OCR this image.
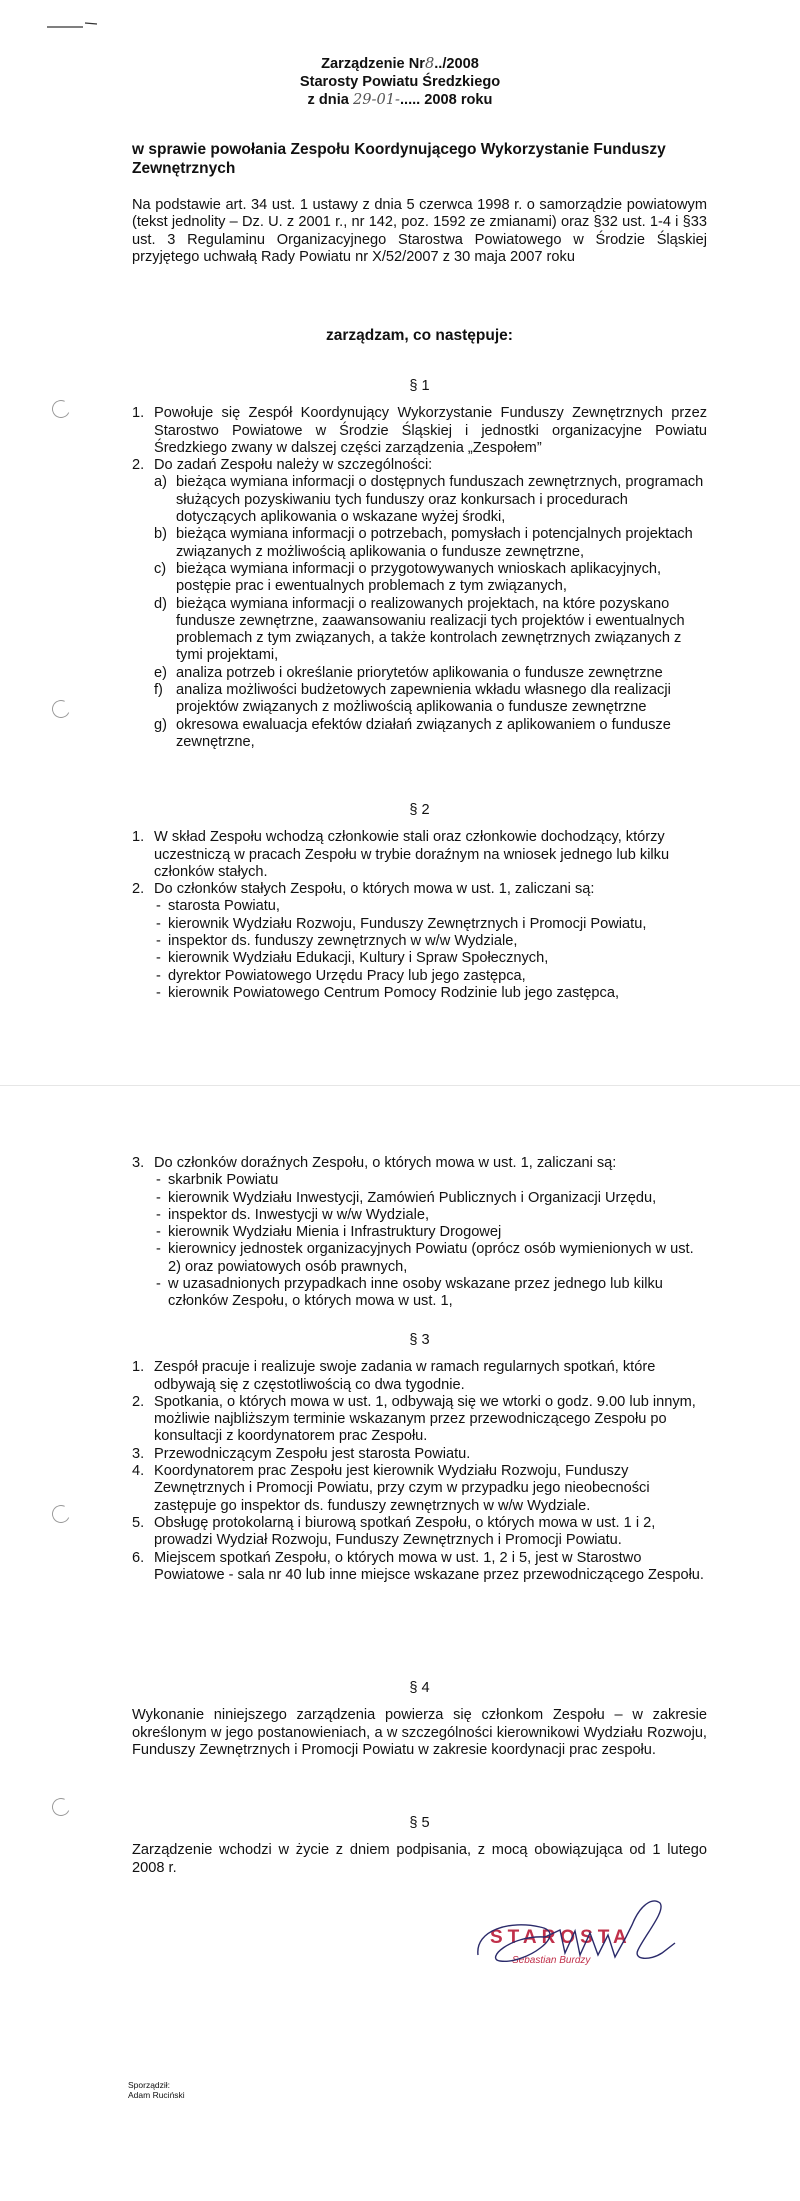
Zarządzenie Nr8../2008
Starosty Powiatu Średzkiego
z dnia 29-01-..... 2008 roku
w sprawie powołania Zespołu Koordynującego Wykorzystanie Funduszy Zewnętrznych
Na podstawie art. 34 ust. 1 ustawy z dnia 5 czerwca 1998 r. o samorządzie powiatowym (tekst jednolity – Dz. U. z 2001 r., nr 142, poz. 1592 ze zmianami) oraz §32 ust. 1-4 i §33 ust. 3 Regulaminu Organizacyjnego Starostwa Powiatowego w Środzie Śląskiej przyjętego uchwałą Rady Powiatu nr X/52/2007 z 30 maja 2007 roku
zarządzam, co następuje:

§ 1

1. Powołuje się Zespół Koordynujący Wykorzystanie Funduszy Zewnętrznych przez Starostwo Powiatowe w Środzie Śląskiej i jednostki organizacyjne Powiatu Średzkiego zwany w dalszej części zarządzenia „Zespołem”
2. Do zadań Zespołu należy w szczególności:
a) bieżąca wymiana informacji o dostępnych funduszach zewnętrznych, programach służących pozyskiwaniu tych funduszy oraz konkursach i procedurach dotyczących aplikowania o wskazane wyżej środki,
b) bieżąca wymiana informacji o potrzebach, pomysłach i potencjalnych projektach związanych z możliwością aplikowania o fundusze zewnętrzne,
c) bieżąca wymiana informacji o przygotowywanych wnioskach aplikacyjnych, postępie prac i ewentualnych problemach z tym związanych,
d) bieżąca wymiana informacji o realizowanych projektach, na które pozyskano fundusze zewnętrzne, zaawansowaniu realizacji tych projektów i ewentualnych problemach z tym związanych, a także kontrolach zewnętrznych związanych z tymi projektami,
e) analiza potrzeb i określanie priorytetów aplikowania o fundusze zewnętrzne
f) analiza możliwości budżetowych zapewnienia wkładu własnego dla realizacji projektów związanych z możliwością aplikowania o fundusze zewnętrzne
g) okresowa ewaluacja efektów działań związanych z aplikowaniem o fundusze zewnętrzne,

§ 2

1. W skład Zespołu wchodzą członkowie stali oraz członkowie dochodzący, którzy uczestniczą w pracach Zespołu w trybie doraźnym na wniosek jednego lub kilku członków stałych.
2. Do członków stałych Zespołu, o których mowa w ust. 1, zaliczani są:
- starosta Powiatu,
- kierownik Wydziału Rozwoju, Funduszy Zewnętrznych i Promocji Powiatu,
- inspektor ds. funduszy zewnętrznych w w/w Wydziale,
- kierownik Wydziału Edukacji, Kultury i Spraw Społecznych,
- dyrektor Powiatowego Urzędu Pracy lub jego zastępca,
- kierownik Powiatowego Centrum Pomocy Rodzinie lub jego zastępca,
3. Do członków doraźnych Zespołu, o których mowa w ust. 1, zaliczani są:
- skarbnik Powiatu
- kierownik Wydziału Inwestycji, Zamówień Publicznych i Organizacji Urzędu,
- inspektor ds. Inwestycji w w/w Wydziale,
- kierownik Wydziału Mienia i Infrastruktury Drogowej
- kierownicy jednostek organizacyjnych Powiatu (oprócz osób wymienionych w ust. 2) oraz powiatowych osób prawnych,
- w uzasadnionych przypadkach inne osoby wskazane przez jednego lub kilku członków Zespołu, o których mowa w ust. 1,

§ 3

1. Zespół pracuje i realizuje swoje zadania w ramach regularnych spotkań, które odbywają się z częstotliwością co dwa tygodnie.
2. Spotkania, o których mowa w ust. 1, odbywają się we wtorki o godz. 9.00 lub innym, możliwie najbliższym terminie wskazanym przez przewodniczącego Zespołu po konsultacji z koordynatorem prac Zespołu.
3. Przewodniczącym Zespołu jest starosta Powiatu.
4. Koordynatorem prac Zespołu jest kierownik Wydziału Rozwoju, Funduszy Zewnętrznych i Promocji Powiatu, przy czym w przypadku jego nieobecności zastępuje go inspektor ds. funduszy zewnętrznych w w/w Wydziale.
5. Obsługę protokolarną i biurową spotkań Zespołu, o których mowa w ust. 1 i 2, prowadzi Wydział Rozwoju, Funduszy Zewnętrznych i Promocji Powiatu.
6. Miejscem spotkań Zespołu, o których mowa w ust. 1, 2 i 5, jest w Starostwo Powiatowe - sala nr 40 lub inne miejsce wskazane przez przewodniczącego Zespołu.

§ 4

Wykonanie niniejszego zarządzenia powierza się członkom Zespołu – w zakresie określonym w jego postanowieniach, a w szczególności kierownikowi Wydziału Rozwoju, Funduszy Zewnętrznych i Promocji Powiatu w zakresie koordynacji prac zespołu.

§ 5

Zarządzenie wchodzi w życie z dniem podpisania, z mocą obowiązująca od 1 lutego 2008 r.
STAROSTA
Sebastian Burdzy
Sporządził:
Adam Ruciński
